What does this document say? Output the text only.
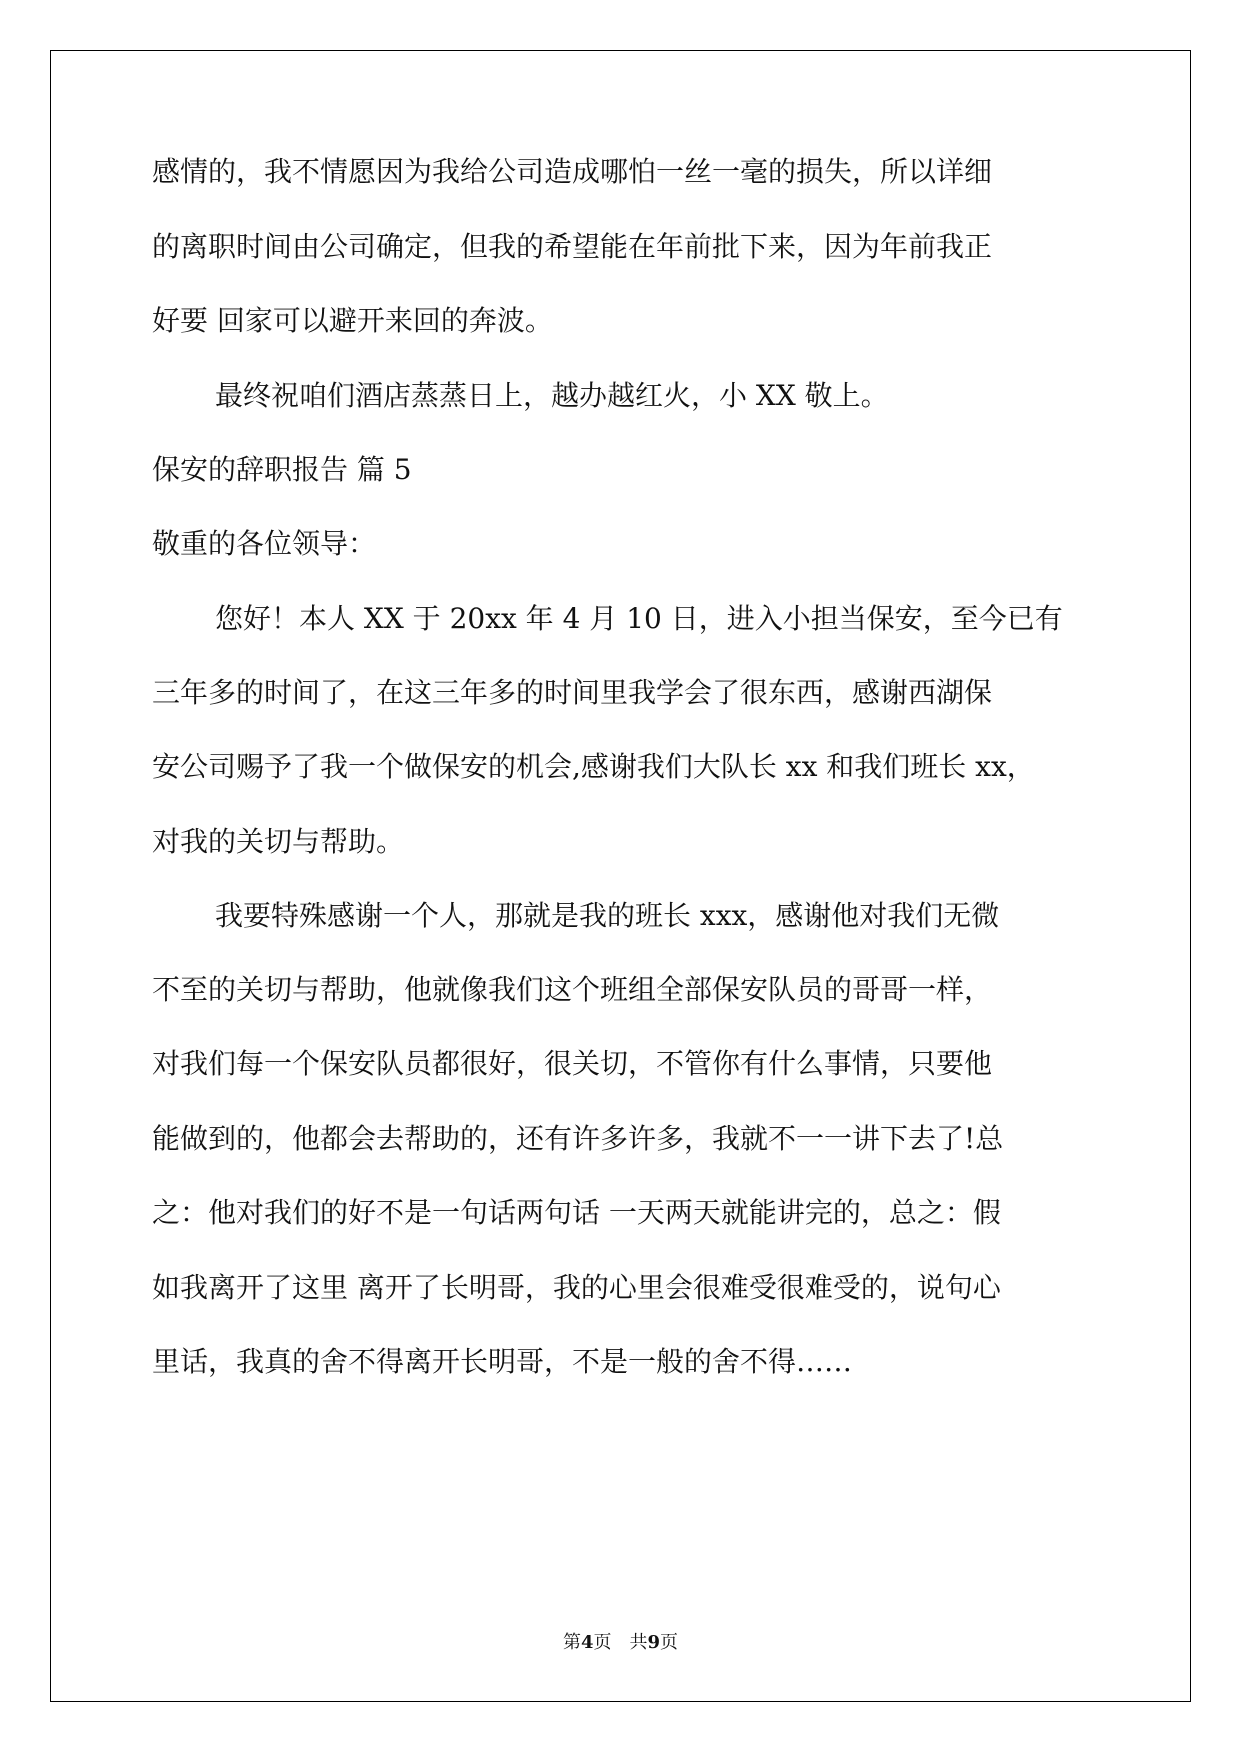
感情的，我不情愿因为我给公司造成哪怕一丝一毫的损失，所以详细
的离职时间由公司确定，但我的希望能在年前批下来，因为年前我正
好要 回家可以避开来回的奔波。
最终祝咱们酒店蒸蒸日上，越办越红火，小 XX 敬上。
保安的辞职报告 篇 5
敬重的各位领导：
您好！本人 XX 于 20xx 年 4 月 10 日，进入小担当保安，至今已有
三年多的时间了，在这三年多的时间里我学会了很东西，感谢西湖保
安公司赐予了我一个做保安的机会,感谢我们大队长 xx 和我们班长 xx，
对我的关切与帮助。
我要特殊感谢一个人，那就是我的班长 xxx，感谢他对我们无微
不至的关切与帮助，他就像我们这个班组全部保安队员的哥哥一样，
对我们每一个保安队员都很好，很关切，不管你有什么事情，只要他
能做到的，他都会去帮助的，还有许多许多，我就不一一讲下去了!总
之：他对我们的好不是一句话两句话 一天两天就能讲完的，总之：假
如我离开了这里 离开了长明哥，我的心里会很难受很难受的，说句心
里话，我真的舍不得离开长明哥，不是一般的舍不得……
第4页　共9页
